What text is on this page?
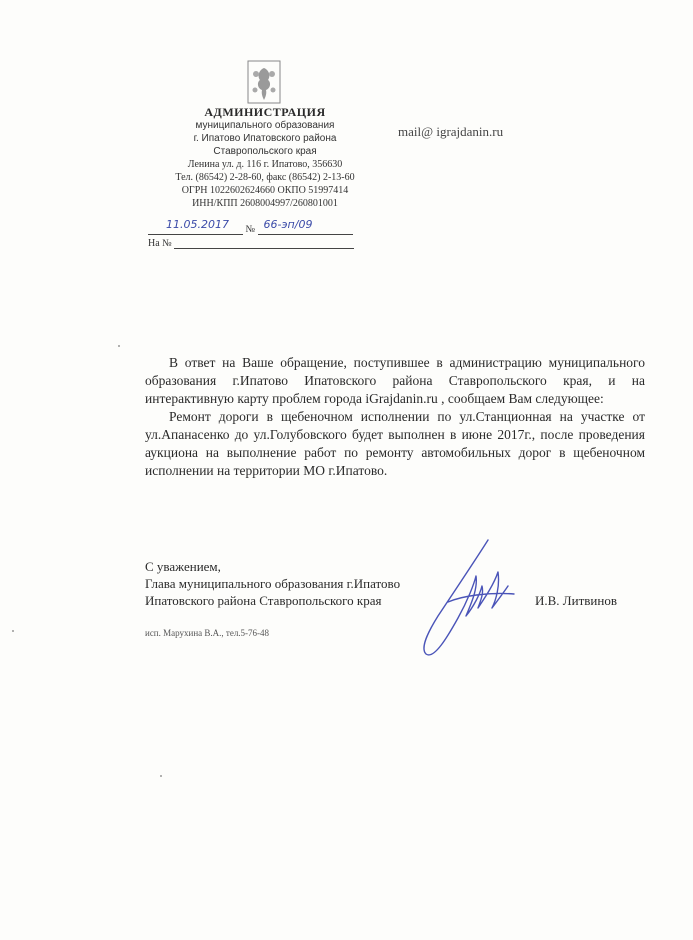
АДМИНИСТРАЦИЯ
муниципального образования
г. Ипатово Ипатовского района
Ставропольского края
Ленина ул. д. 116 г. Ипатово, 356630
Тел. (86542) 2-28-60, факс (86542) 2-13-60
ОГРН 1022602624660 ОКПО 51997414
ИНН/КПП 2608004997/260801001
mail@ igrajdanin.ru
11.05.2017 № 66-эп/09
На №

В ответ на Ваше обращение, поступившее в администрацию муниципального образования г.Ипатово Ипатовского района Ставропольского края, и на интерактивную карту проблем города iGrajdanin.ru , сообщаем Вам следующее:

Ремонт дороги в щебеночном исполнении по ул.Станционная на участке от ул.Апанасенко до ул.Голубовского будет выполнен в июне 2017г., после проведения аукциона на выполнение работ по ремонту автомобильных дорог в щебеночном исполнении на территории МО г.Ипатово.

С уважением,
Глава муниципального образования г.Ипатово
Ипатовского района Ставропольского края	И.В. Литвинов
исп. Марухина В.А., тел.5-76-48
